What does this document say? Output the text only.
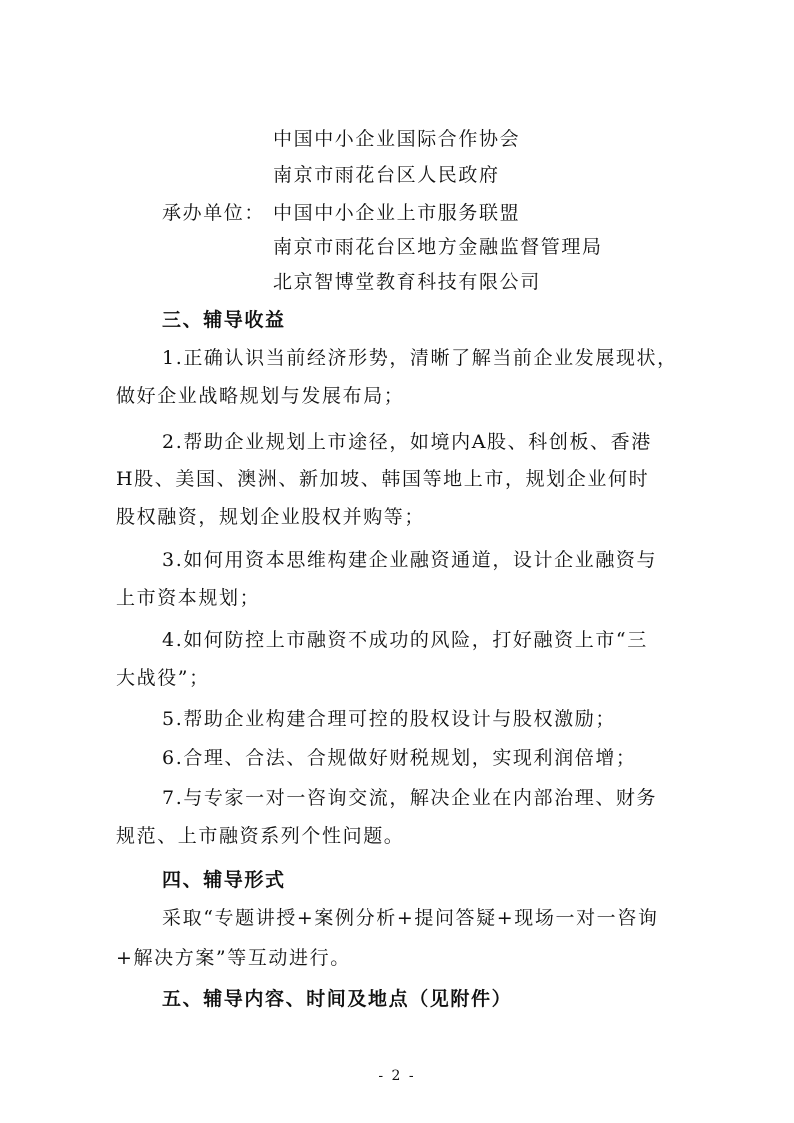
中国中小企业国际合作协会
南京市雨花台区人民政府
承办单位： 中国中小企业上市服务联盟
南京市雨花台区地方金融监督管理局
北京智博堂教育科技有限公司
三、辅导收益
1.正确认识当前经济形势，清晰了解当前企业发展现状，
做好企业战略规划与发展布局；
2.帮助企业规划上市途径，如境内A股、科创板、香港
H股、美国、澳洲、新加坡、韩国等地上市，规划企业何时
股权融资，规划企业股权并购等；
3.如何用资本思维构建企业融资通道，设计企业融资与
上市资本规划；
4.如何防控上市融资不成功的风险，打好融资上市“三
大战役”；
5.帮助企业构建合理可控的股权设计与股权激励；
6.合理、合法、合规做好财税规划，实现利润倍增；
7.与专家一对一咨询交流，解决企业在内部治理、财务
规范、上市融资系列个性问题。
四、辅导形式
采取“专题讲授+案例分析+提问答疑+现场一对一咨询
+解决方案”等互动进行。
五、辅导内容、时间及地点（见附件）
- 2 -
